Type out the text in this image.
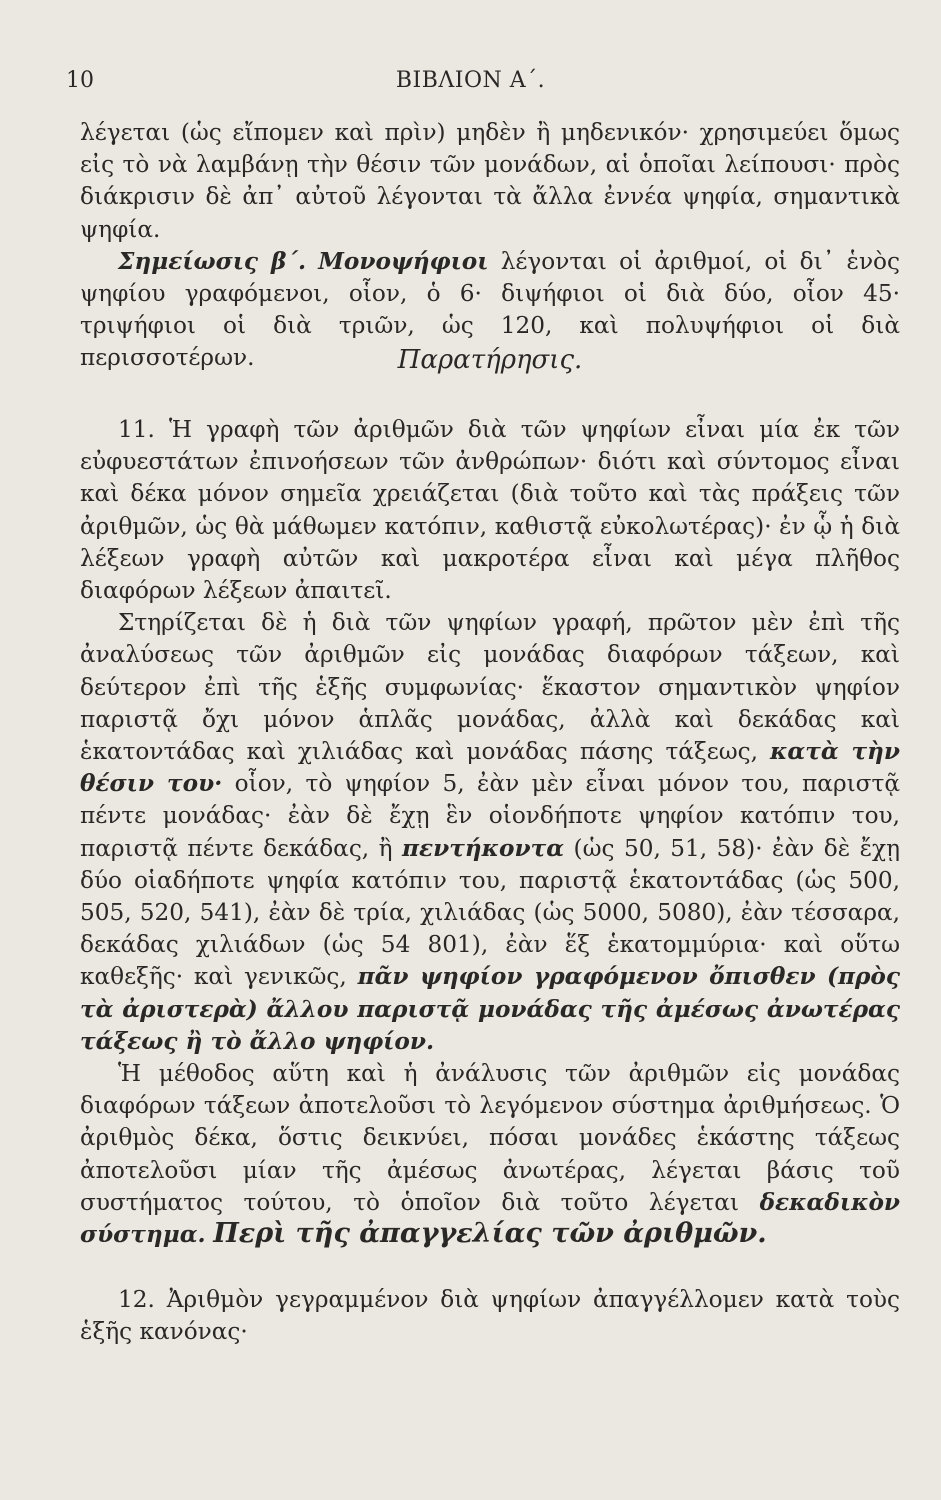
10	ΒΙΒΛΙΟΝ Α΄.

λέγεται (ὡς εἴπομεν καὶ πρὶν) μηδὲν ἢ μηδενικόν· χρησιμεύει ὅμως εἰς τὸ νὰ λαμβάνῃ τὴν θέσιν τῶν μονάδων, αἱ ὁποῖαι λείπουσι· πρὸς διάκρισιν δὲ ἀπ᾽ αὐτοῦ λέγονται τὰ ἄλλα ἐννέα ψηφία, σημαντικὰ ψηφία.

Σημείωσις β΄. Μονοψήφιοι λέγονται οἱ ἀριθμοί, οἱ δι᾽ ἑνὸς ψηφίου γραφόμενοι, οἷον, ὁ 6· διψήφιοι οἱ διὰ δύο, οἷον 45· τριψήφιοι οἱ διὰ τριῶν, ὡς 120, καὶ πολυψήφιοι οἱ διὰ περισσοτέρων.	Παρατήρησις.

11. Ἡ γραφὴ τῶν ἀριθμῶν διὰ τῶν ψηφίων εἶναι μία ἐκ τῶν εὐφυεστάτων ἐπινοήσεων τῶν ἀνθρώπων· διότι καὶ σύντομος εἶναι καὶ δέκα μόνον σημεῖα χρειάζεται (διὰ τοῦτο καὶ τὰς πράξεις τῶν ἀριθμῶν, ὡς θὰ μάθωμεν κατόπιν, καθιστᾷ εὐκολωτέρας)· ἐν ᾧ ἡ διὰ λέξεων γραφὴ αὐτῶν καὶ μακροτέρα εἶναι καὶ μέγα πλῆθος διαφόρων λέξεων ἀπαιτεῖ.

Στηρίζεται δὲ ἡ διὰ τῶν ψηφίων γραφή, πρῶτον μὲν ἐπὶ τῆς ἀναλύσεως τῶν ἀριθμῶν εἰς μονάδας διαφόρων τάξεων, καὶ δεύτερον ἐπὶ τῆς ἑξῆς συμφωνίας· ἕκαστον σημαντικὸν ψηφίον παριστᾷ ὄχι μόνον ἁπλᾶς μονάδας, ἀλλὰ καὶ δεκάδας καὶ ἑκατοντάδας καὶ χιλιάδας καὶ μονάδας πάσης τάξεως, κατὰ τὴν θέσιν του· οἷον, τὸ ψηφίον 5, ἐὰν μὲν εἶναι μόνον του, παριστᾷ πέντε μονάδας· ἐὰν δὲ ἔχῃ ἓν οἱονδήποτε ψηφίον κατόπιν του, παριστᾷ πέντε δεκάδας, ἢ πεντήκοντα (ὡς 50, 51, 58)· ἐὰν δὲ ἔχῃ δύο οἱαδήποτε ψηφία κατόπιν του, παριστᾷ ἑκατοντάδας (ὡς 500, 505, 520, 541), ἐὰν δὲ τρία, χιλιάδας (ὡς 5000, 5080), ἐὰν τέσσαρα, δεκάδας χιλιάδων (ὡς 54 801), ἐὰν ἕξ ἑκατομμύρια· καὶ οὕτω καθεξῆς· καὶ γενικῶς, πᾶν ψηφίον γραφόμενον ὄπισθεν (πρὸς τὰ ἀριστερὰ) ἄλλου παριστᾷ μονάδας τῆς ἀμέσως ἀνωτέρας τάξεως ἢ τὸ ἄλλο ψηφίον.

Ἡ μέθοδος αὕτη καὶ ἡ ἀνάλυσις τῶν ἀριθμῶν εἰς μονάδας διαφόρων τάξεων ἀποτελοῦσι τὸ λεγόμενον σύστημα ἀριθμήσεως. Ὁ ἀριθμὸς δέκα, ὅστις δεικνύει, πόσαι μονάδες ἑκάστης τάξεως ἀποτελοῦσι μίαν τῆς ἀμέσως ἀνωτέρας, λέγεται βάσις τοῦ συστήματος τούτου, τὸ ὁποῖον διὰ τοῦτο λέγεται δεκαδικὸν σύστημα. Περὶ τῆς ἀπαγγελίας τῶν ἀριθμῶν.

12. Ἀριθμὸν γεγραμμένον διὰ ψηφίων ἀπαγγέλλομεν κατὰ τοὺς ἑξῆς κανόνας·
